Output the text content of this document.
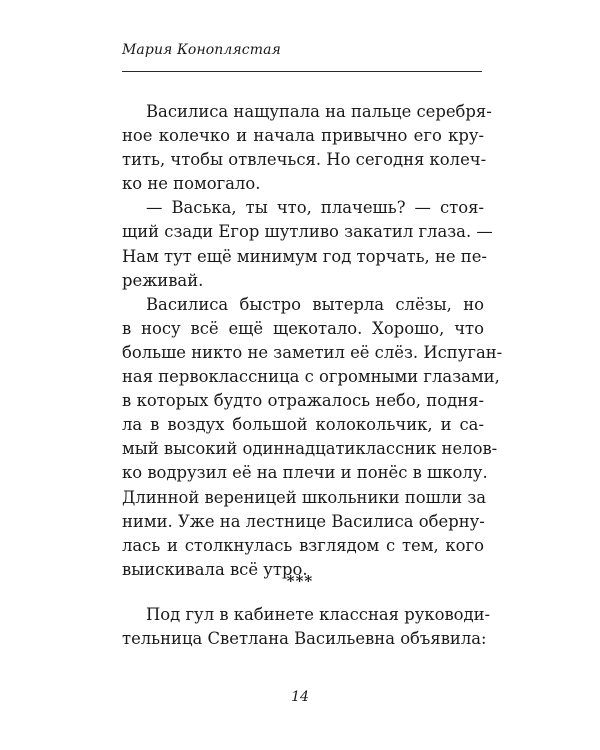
Мария Коноплястая
Василиса нащупала на пальце серебря-
ное колечко и начала привычно его кру-
тить, чтобы отвлечься. Но сегодня колеч-
ко не помогало.
— Васька, ты что, плачешь? — стоя-
щий сзади Егор шутливо закатил глаза. —
Нам тут ещё минимум год торчать, не пе-
реживай.
Василиса быстро вытерла слёзы, но
в носу всё ещё щекотало. Хорошо, что
больше никто не заметил её слёз. Испуган-
ная первоклассница с огромными глазами,
в которых будто отражалось небо, подня-
ла в воздух большой колокольчик, и са-
мый высокий одиннадцатиклассник нелов-
ко водрузил её на плечи и понёс в школу.
Длинной вереницей школьники пошли за
ними. Уже на лестнице Василиса оберну-
лась и столкнулась взглядом с тем, кого
выискивала всё утро.
***
Под гул в кабинете классная руководи-
тельница Светлана Васильевна объявила:
14
